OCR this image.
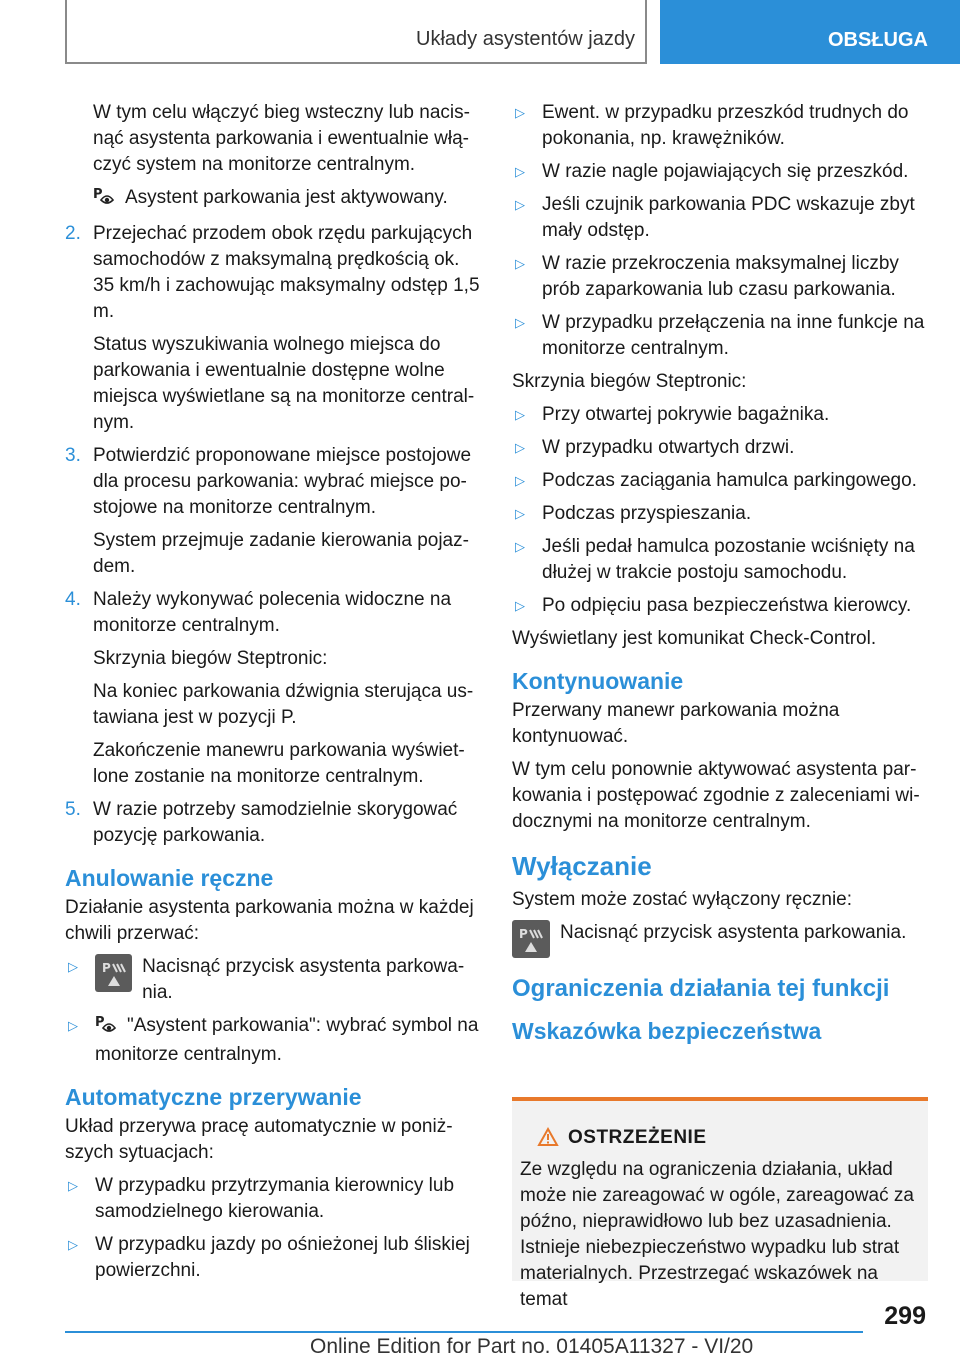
Układy asystentów jazdy	OBSŁUGA

W tym celu włączyć bieg wsteczny lub nacisnąć asystenta parkowania i ewentualnie włączyć system na monitorze centralnym.

P Asystent parkowania jest aktywowany.

2. Przejechać przodem obok rzędu parkujących samochodów z maksymalną prędkością ok. 35 km/h i zachowując maksymalny odstęp 1,5 m.

Status wyszukiwania wolnego miejsca do parkowania i ewentualnie dostępne wolne miejsca wyświetlane są na monitorze centralnym.

3. Potwierdzić proponowane miejsce postojowe dla procesu parkowania: wybrać miejsce postojowe na monitorze centralnym.

System przejmuje zadanie kierowania pojazdem.

4. Należy wykonywać polecenia widoczne na monitorze centralnym.

Skrzynia biegów Steptronic:

Na koniec parkowania dźwignia sterująca ustawiana jest w pozycji P.

Zakończenie manewru parkowania wyświetlone zostanie na monitorze centralnym.

5. W razie potrzeby samodzielnie skorygować pozycję parkowania.

Anulowanie ręczne

Działanie asystenta parkowania można w każdej chwili przerwać:

▷ P Nacisnąć przycisk asystenta parkowania.
▷ P "Asystent parkowania": wybrać symbol na monitorze centralnym.
Automatyczne przerywanie

Układ przerywa pracę automatycznie w poniższych sytuacjach:

▷ W przypadku przytrzymania kierownicy lub samodzielnego kierowania.
▷ W przypadku jazdy po ośnieżonej lub śliskiej powierzchni.
▷ Ewent. w przypadku przeszkód trudnych do pokonania, np. krawężników.
▷ W razie nagle pojawiających się przeszkód.
▷ Jeśli czujnik parkowania PDC wskazuje zbyt mały odstęp.
▷ W razie przekroczenia maksymalnej liczby prób zaparkowania lub czasu parkowania.
▷ W przypadku przełączenia na inne funkcje na monitorze centralnym.

Skrzynia biegów Steptronic:

▷ Przy otwartej pokrywie bagażnika.
▷ W przypadku otwartych drzwi.
▷ Podczas zaciągania hamulca parkingowego.
▷ Podczas przyspieszania.
▷ Jeśli pedał hamulca pozostanie wciśnięty na dłużej w trakcie postoju samochodu.
▷ Po odpięciu pasa bezpieczeństwa kierowcy.

Wyświetlany jest komunikat Check-Control.

Kontynuowanie

Przerwany manewr parkowania można kontynuować.

W tym celu ponownie aktywować asystenta parkowania i postępować zgodnie z zaleceniami widocznymi na monitorze centralnym.

Wyłączanie

System może zostać wyłączony ręcznie:

P Nacisnąć przycisk asystenta parkowania.
Ograniczenia działania tej funkcji
Wskazówka bezpieczeństwa
OSTRZEŻENIE
Ze względu na ograniczenia działania, układ może nie zareagować w ogóle, zareagować za późno, nieprawidłowo lub bez uzasadnienia. Istnieje niebezpieczeństwo wypadku lub strat materialnych. Przestrzegać wskazówek na temat
299
Online Edition for Part no. 01405A11327 - VI/20
